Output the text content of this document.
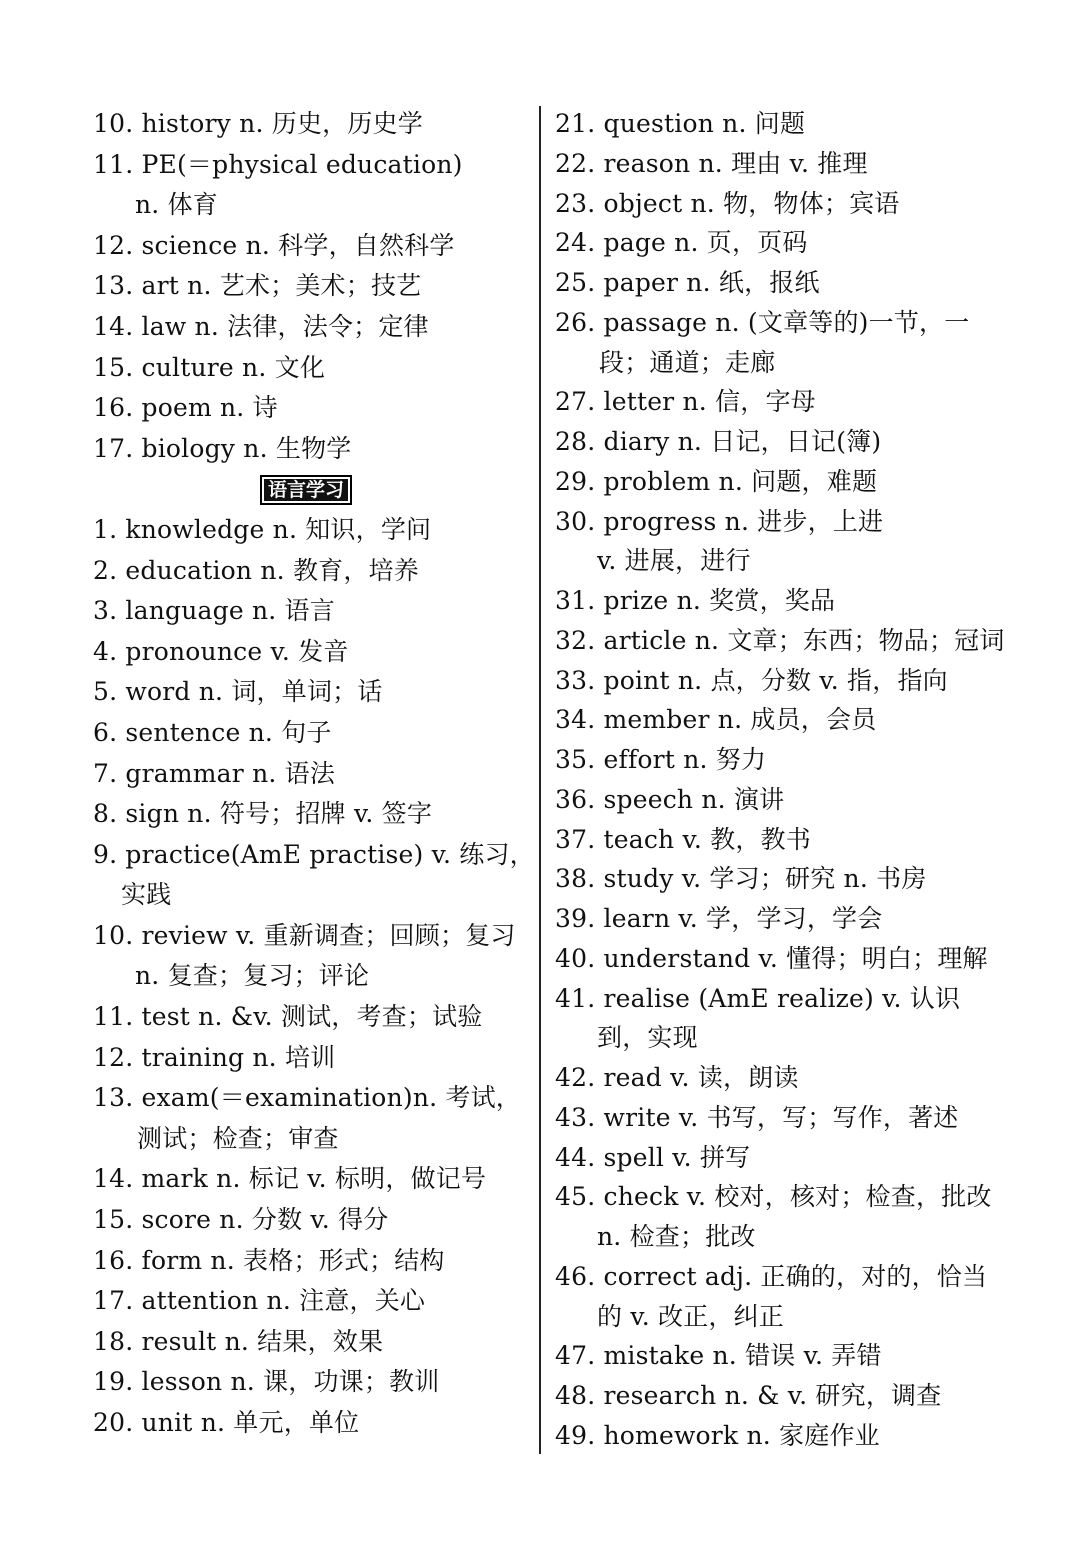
10. history n. 历史，历史学
11. PE(＝physical education)
n. 体育
12. science n. 科学，自然科学
13. art n. 艺术；美术；技艺
14. law n. 法律，法令；定律
15. culture n. 文化
16. poem n. 诗
17. biology n. 生物学
语言学习
1. knowledge n. 知识，学问
2. education n. 教育，培养
3. language n. 语言
4. pronounce v. 发音
5. word n. 词，单词；话
6. sentence n. 句子
7. grammar n. 语法
8. sign n. 符号；招牌 v. 签字
9. practice(AmE practise) v. 练习，
实践
10. review v. 重新调查；回顾；复习
n. 复查；复习；评论
11. test n. &v. 测试，考查；试验
12. training n. 培训
13. exam(＝examination)n. 考试，
测试；检查；审查
14. mark n. 标记 v. 标明，做记号
15. score n. 分数 v. 得分
16. form n. 表格；形式；结构
17. attention n. 注意，关心
18. result n. 结果，效果
19. lesson n. 课，功课；教训
20. unit n. 单元，单位
21. question n. 问题
22. reason n. 理由 v. 推理
23. object n. 物，物体；宾语
24. page n. 页，页码
25. paper n. 纸，报纸
26. passage n. (文章等的)一节，一
段；通道；走廊
27. letter n. 信，字母
28. diary n. 日记，日记(簿)
29. problem n. 问题，难题
30. progress n. 进步，上进
v. 进展，进行
31. prize n. 奖赏，奖品
32. article n. 文章；东西；物品；冠词
33. point n. 点，分数 v. 指，指向
34. member n. 成员，会员
35. effort n. 努力
36. speech n. 演讲
37. teach v. 教，教书
38. study v. 学习；研究 n. 书房
39. learn v. 学，学习，学会
40. understand v. 懂得；明白；理解
41. realise (AmE realize) v. 认识
到，实现
42. read v. 读，朗读
43. write v. 书写，写；写作，著述
44. spell v. 拼写
45. check v. 校对，核对；检查，批改
n. 检查；批改
46. correct adj. 正确的，对的，恰当
的 v. 改正，纠正
47. mistake n. 错误 v. 弄错
48. research n. & v. 研究，调查
49. homework n. 家庭作业
